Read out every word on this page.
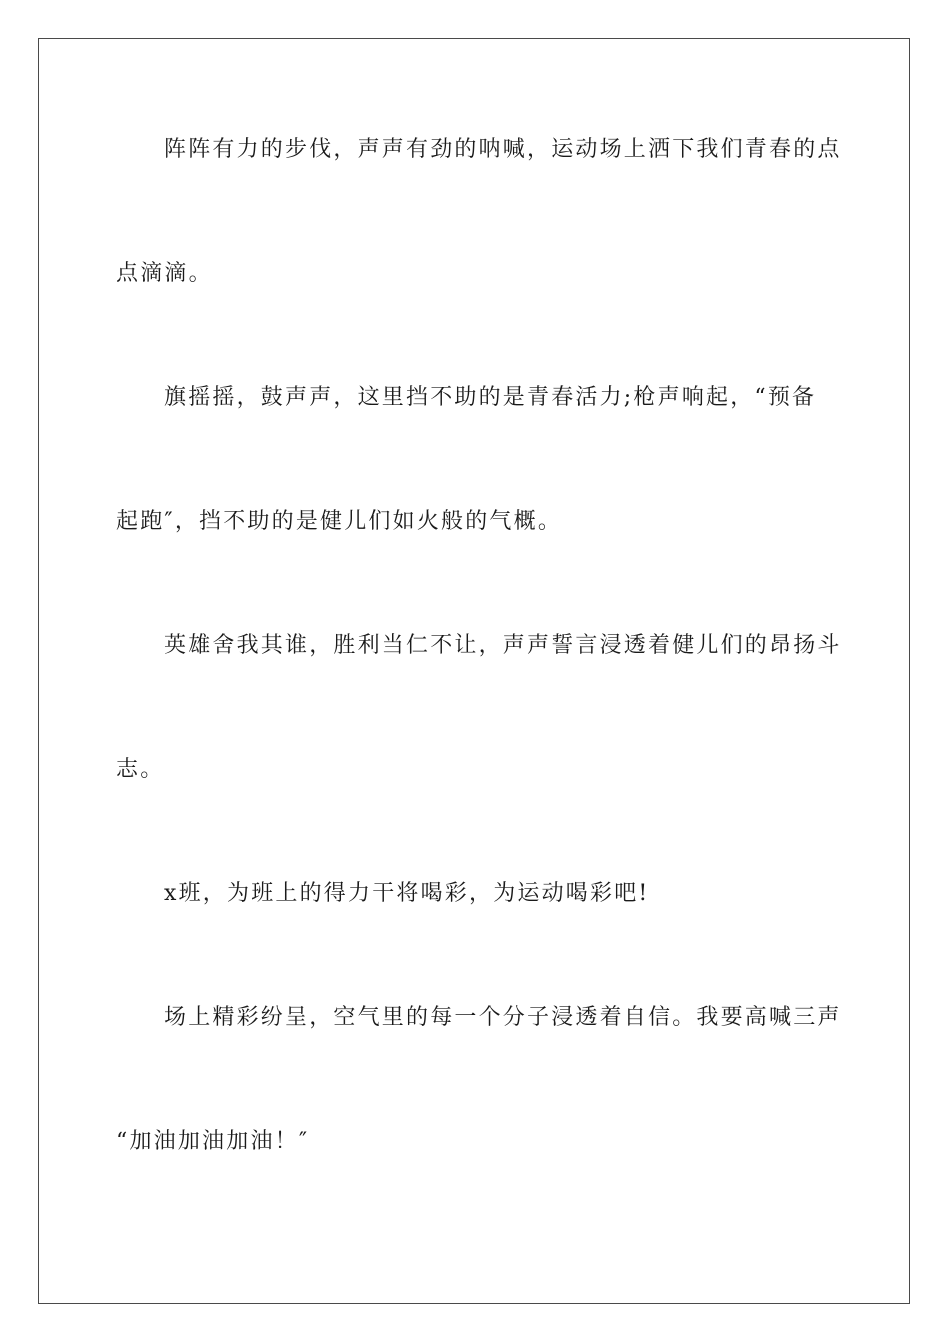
阵阵有力的步伐，声声有劲的呐喊，运动场上洒下我们青春的点

点滴滴。

旗摇摇，鼓声声，这里挡不助的是青春活力;枪声响起，“预备

起跑″，挡不助的是健儿们如火般的气概。

英雄舍我其谁，胜利当仁不让，声声誓言浸透着健儿们的昂扬斗

志。

x班，为班上的得力干将喝彩，为运动喝彩吧!

场上精彩纷呈，空气里的每一个分子浸透着自信。我要高喊三声

“加油加油加油！″
